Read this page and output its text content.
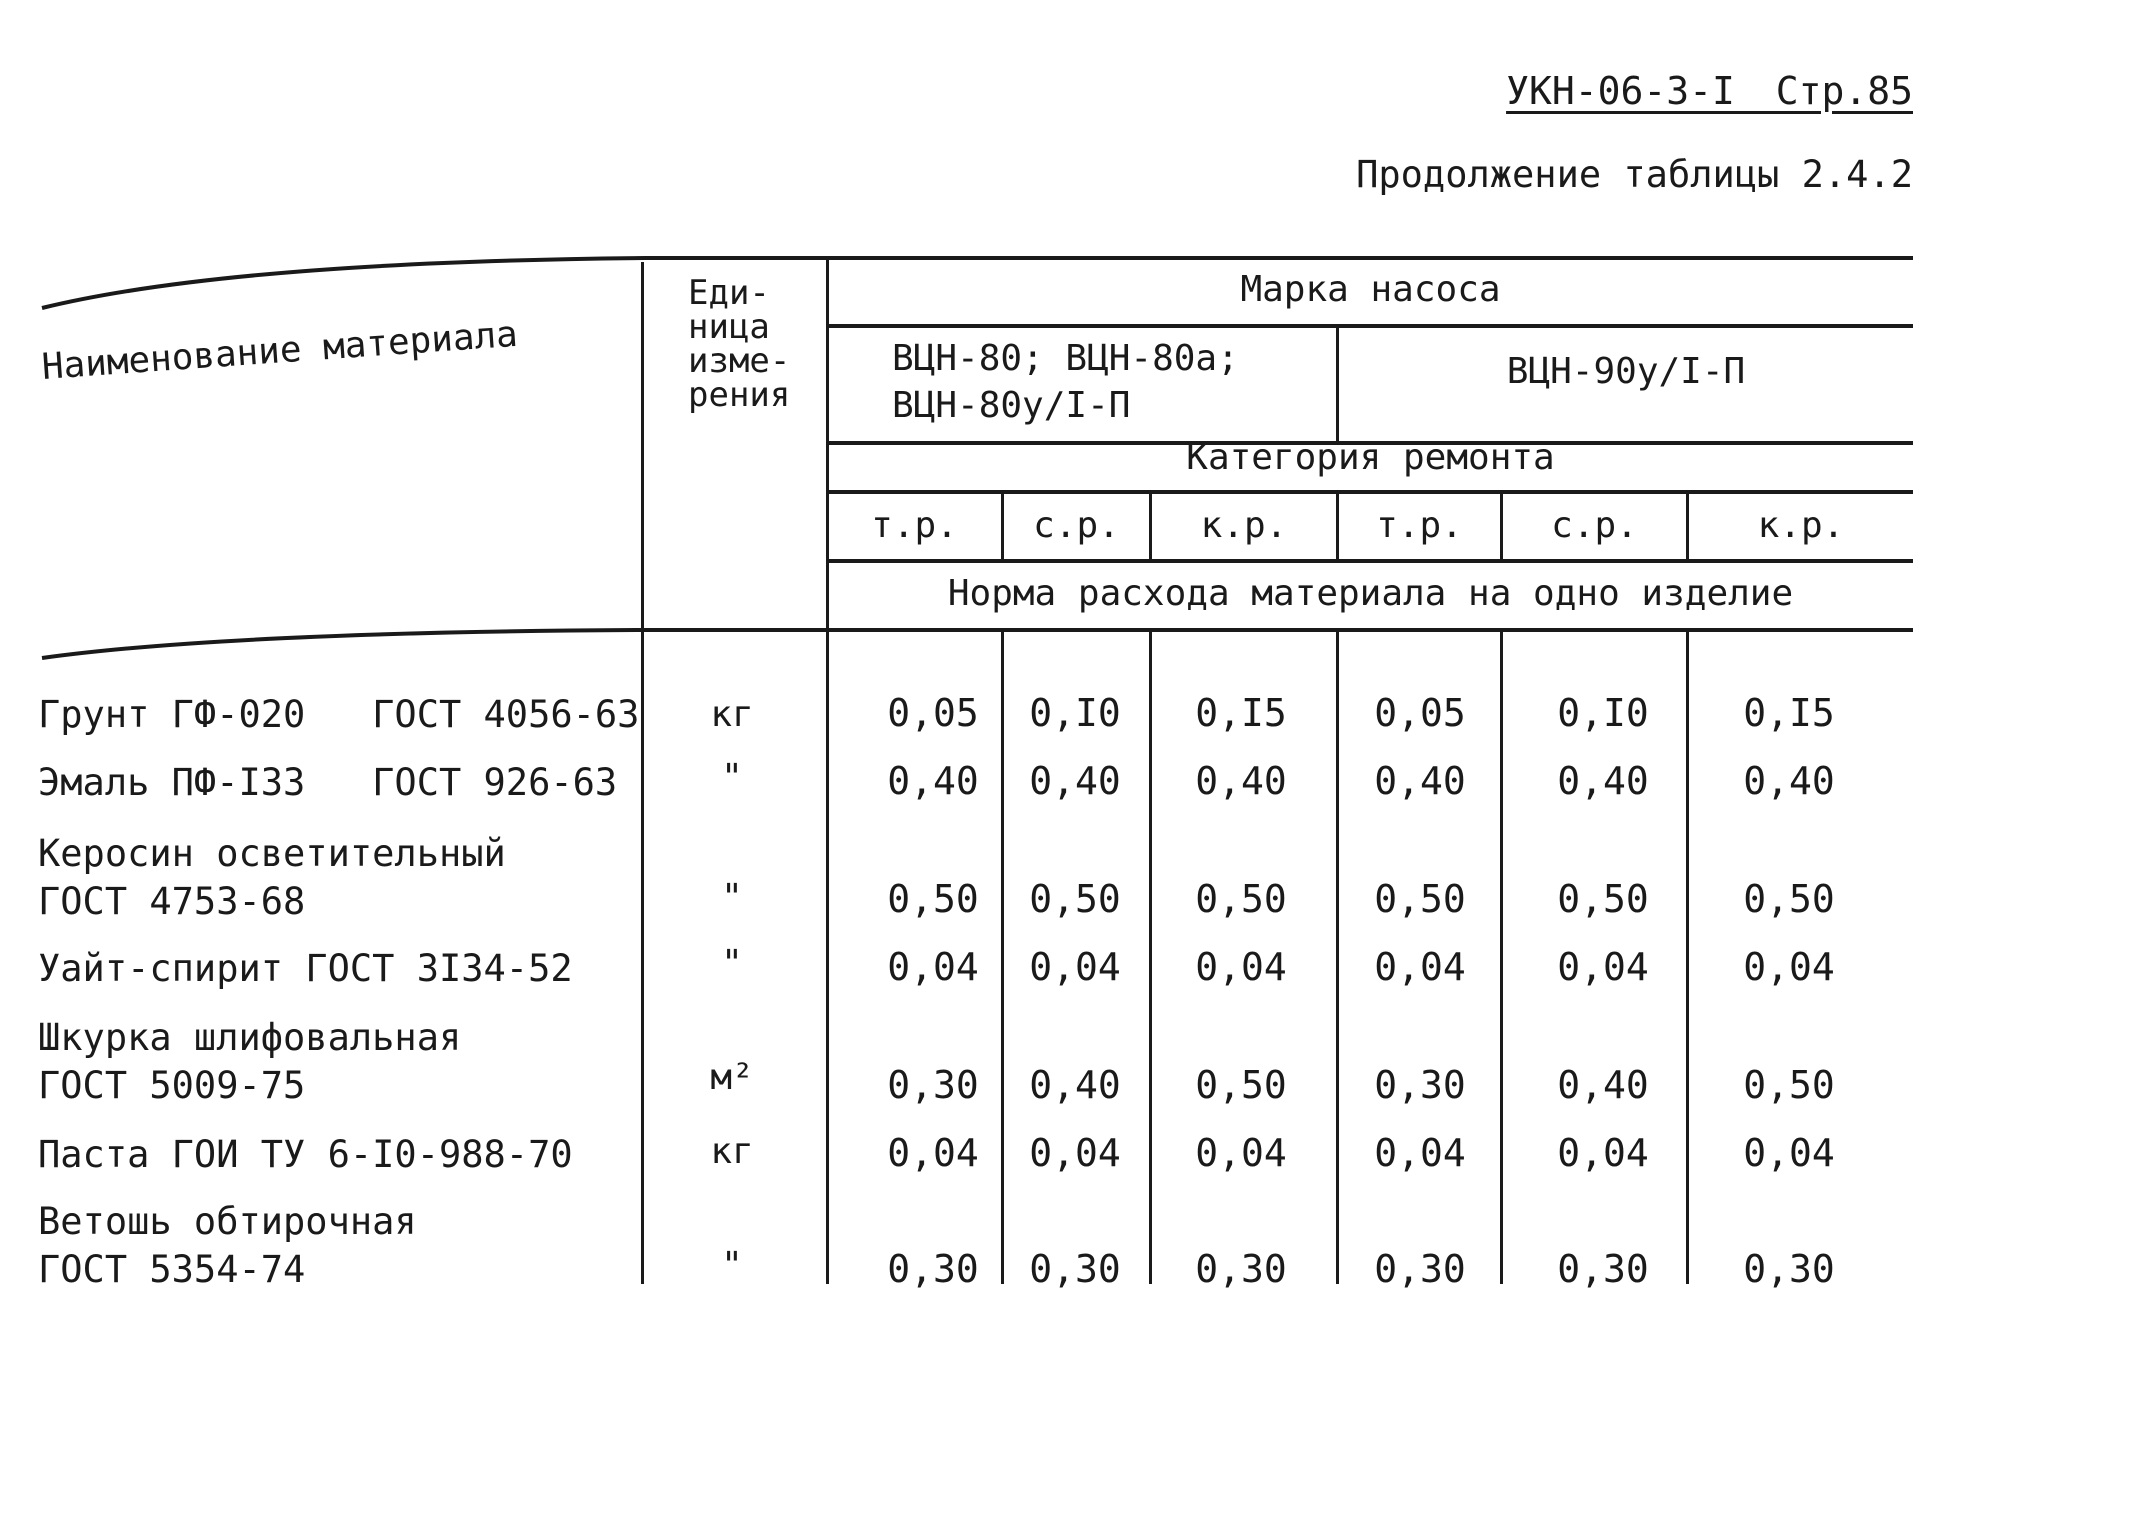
УКН-06-3-I Стр.85
Продолжение таблицы 2.4.2
Наименование материала
Еди-
ница
изме-
рения
Марка насоса
ВЦН-80; ВЦН-80а;
ВЦН-80у/I-П
ВЦН-90у/I-П
Категория ремонта
т.р.	с.р.	к.р.	т.р.	с.р.	к.р.
Норма расхода материала на одно изделие
Грунт ГФ-020   ГОСТ 4056-63	кг	0,05	0,I0	0,I5	0,05	0,I0	0,I5
Эмаль ПФ-I33   ГОСТ 926-63	"	0,40	0,40	0,40	0,40	0,40	0,40
Керосин осветительный
ГОСТ 4753-68	"	0,50	0,50	0,50	0,50	0,50	0,50
Уайт-спирит ГОСТ 3I34-52	"	0,04	0,04	0,04	0,04	0,04	0,04
Шкурка шлифовальная
ГОСТ 5009-75	м²	0,30	0,40	0,50	0,30	0,40	0,50
Паста ГОИ ТУ 6-I0-988-70	кг	0,04	0,04	0,04	0,04	0,04	0,04
Ветошь обтирочная
ГОСТ 5354-74	"	0,30	0,30	0,30	0,30	0,30	0,30
